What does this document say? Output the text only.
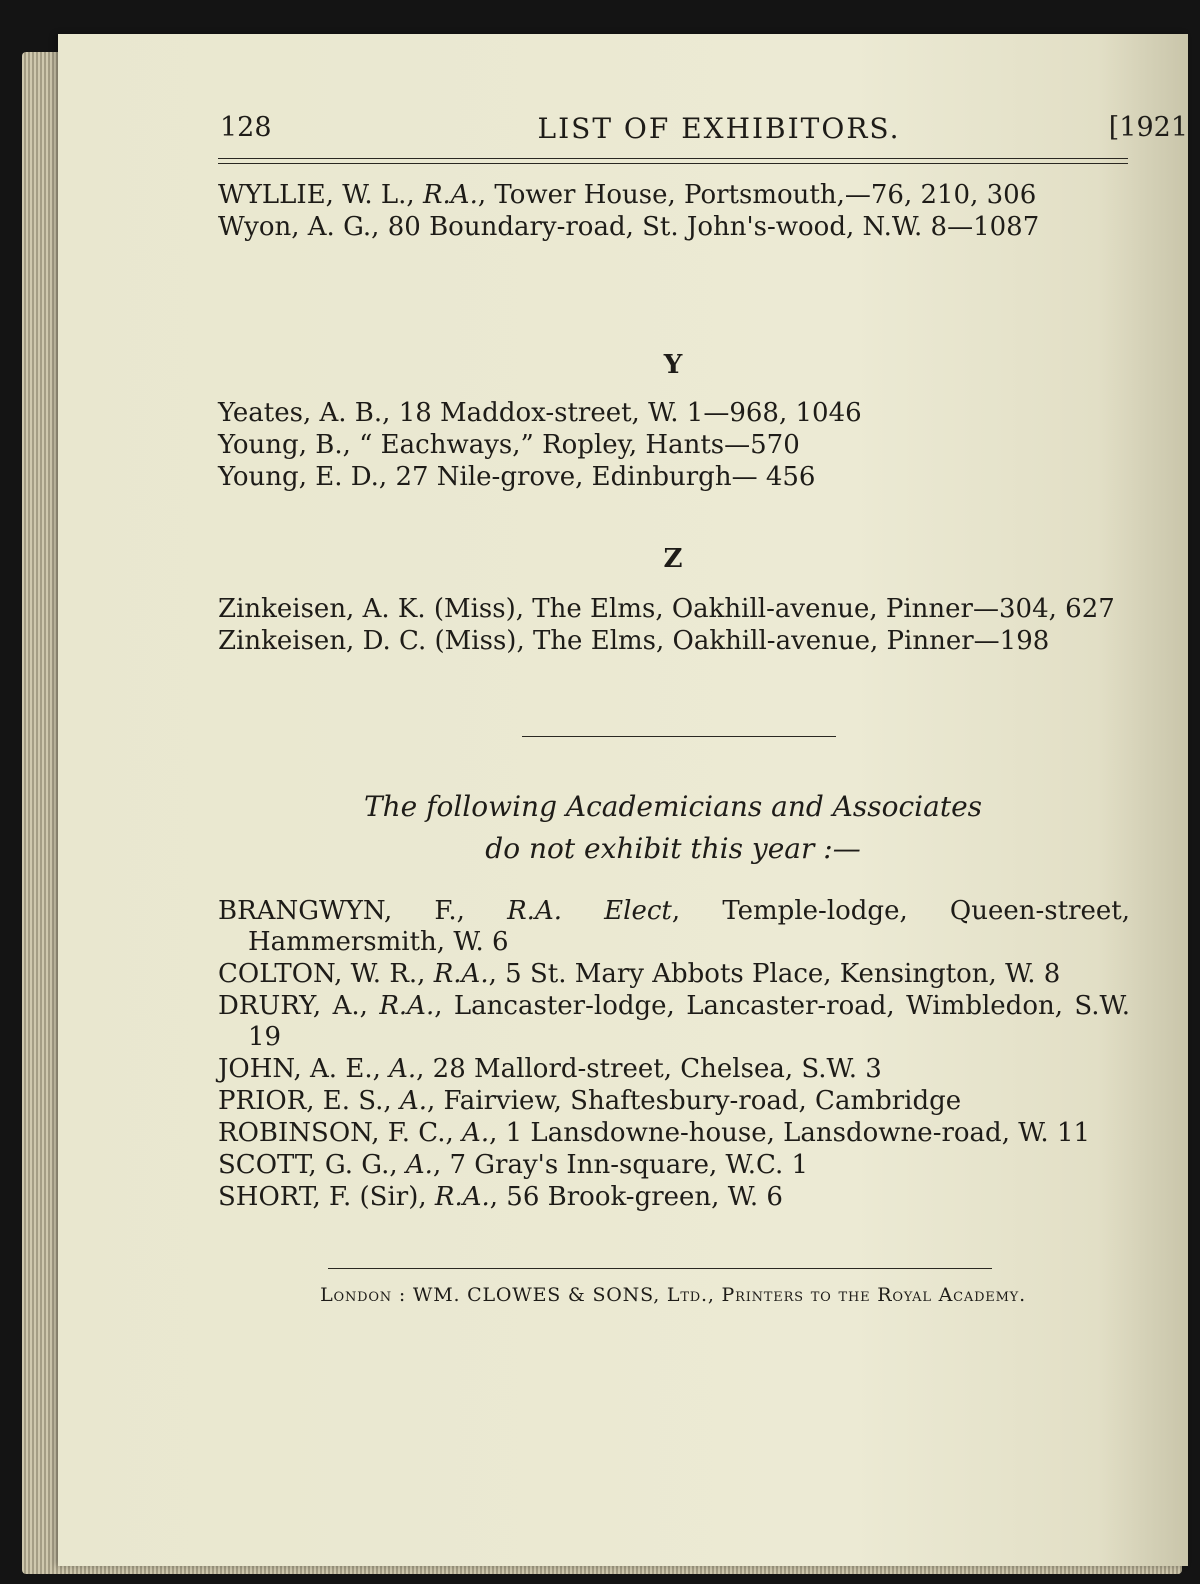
128	LIST OF EXHIBITORS.	[1921

WYLLIE, W. L., R.A., Tower House, Portsmouth,—76, 210, 306

Wyon, A. G., 80 Boundary-road, St. John's-wood, N.W. 8—1087

Y

Yeates, A. B., 18 Maddox-street, W. 1—968, 1046

Young, B., “ Eachways,” Ropley, Hants—570

Young, E. D., 27 Nile-grove, Edinburgh— 456

Z

Zinkeisen, A. K. (Miss), The Elms, Oakhill-avenue, Pinner—304, 627

Zinkeisen, D. C. (Miss), The Elms, Oakhill-avenue, Pinner—198

The following Academicians and Associates
do not exhibit this year :—

BRANGWYN, F., R.A. Elect, Temple-lodge, Queen-street, Hammersmith, W. 6

COLTON, W. R., R.A., 5 St. Mary Abbots Place, Kensington, W. 8

DRURY, A., R.A., Lancaster-lodge, Lancaster-road, Wimbledon, S.W. 19

JOHN, A. E., A., 28 Mallord-street, Chelsea, S.W. 3

PRIOR, E. S., A., Fairview, Shaftesbury-road, Cambridge

ROBINSON, F. C., A., 1 Lansdowne-house, Lansdowne-road, W. 11

SCOTT, G. G., A., 7 Gray's Inn-square, W.C. 1

SHORT, F. (Sir), R.A., 56 Brook-green, W. 6

London : WM. CLOWES & SONS, Ltd., Printers to the Royal Academy.
